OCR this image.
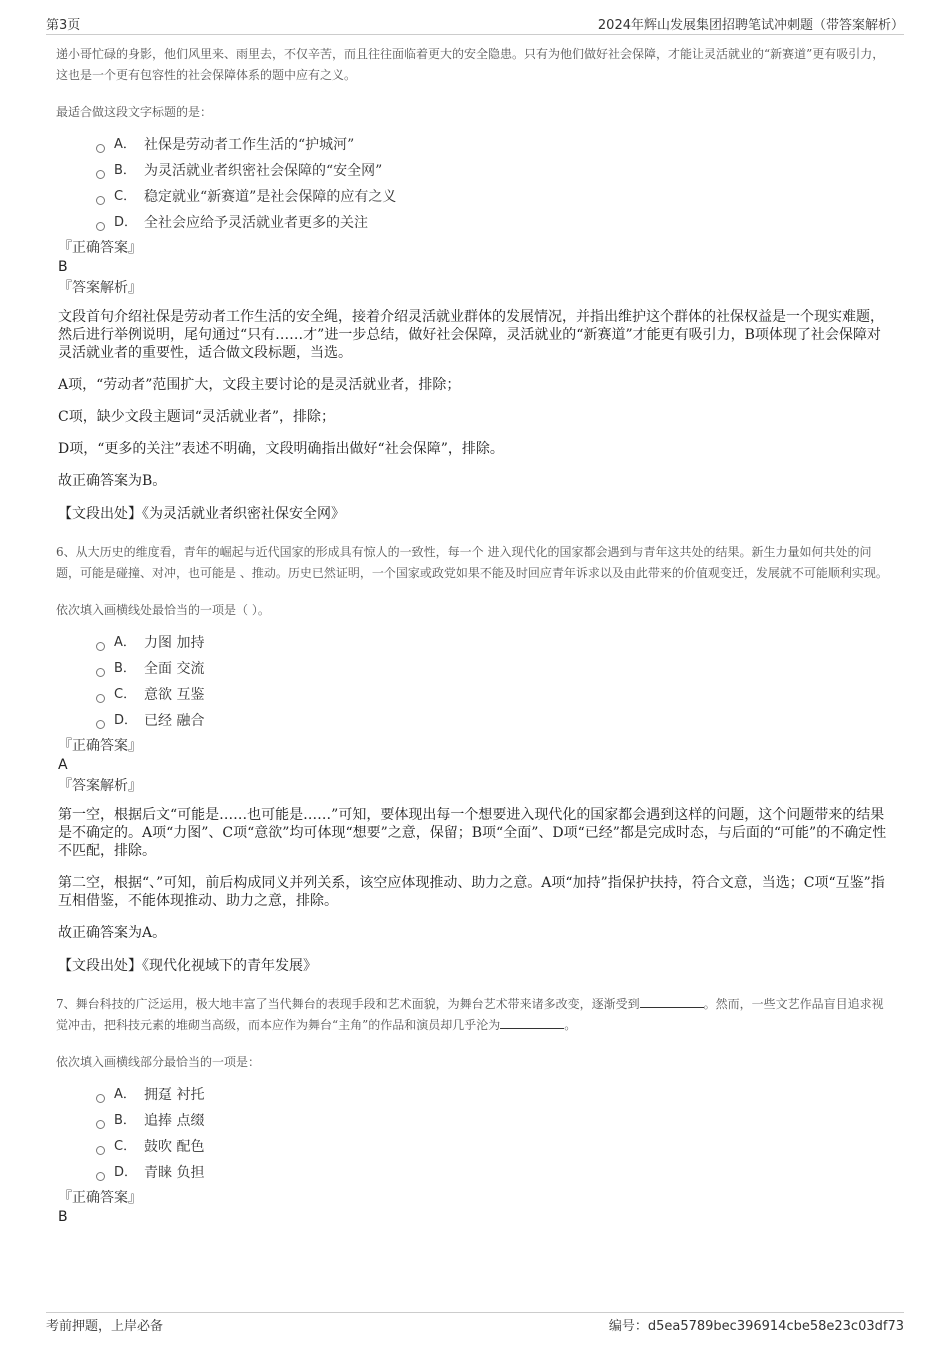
第3页	2024年辉山发展集团招聘笔试冲刺题（带答案解析）

递小哥忙碌的身影，他们风里来、雨里去，不仅辛苦，而且往往面临着更大的安全隐患。只有为他们做好社会保障，才能让灵活就业的“新赛道”更有吸引力，这也是一个更有包容性的社会保障体系的题中应有之义。

最适合做这段文字标题的是：

A． 社保是劳动者工作生活的“护城河”
B． 为灵活就业者织密社会保障的“安全网”
C． 稳定就业“新赛道”是社会保障的应有之义
D． 全社会应给予灵活就业者更多的关注
『正确答案』
B
『答案解析』

文段首句介绍社保是劳动者工作生活的安全绳，接着介绍灵活就业群体的发展情况，并指出维护这个群体的社保权益是一个现实难题，然后进行举例说明，尾句通过“只有……才”进一步总结，做好社会保障，灵活就业的“新赛道”才能更有吸引力，B项体现了社会保障对灵活就业者的重要性，适合做文段标题，当选。

A项，“劳动者”范围扩大，文段主要讨论的是灵活就业者，排除；

C项，缺少文段主题词“灵活就业者”，排除；

D项，“更多的关注”表述不明确，文段明确指出做好“社会保障”，排除。

故正确答案为B。

【文段出处】《为灵活就业者织密社保安全网》

6、从大历史的维度看，青年的崛起与近代国家的形成具有惊人的一致性，每一个 进入现代化的国家都会遇到与青年这共处的结果。新生力量如何共处的问题，可能是碰撞、对冲，也可能是 、推动。历史已然证明，一个国家或政党如果不能及时回应青年诉求以及由此带来的价值观变迁，发展就不可能顺利实现。

依次填入画横线处最恰当的一项是（ ）。

A． 力图 加持
B． 全面 交流
C． 意欲 互鉴
D． 已经 融合
『正确答案』
A
『答案解析』

第一空，根据后文“可能是……也可能是……”可知，要体现出每一个想要进入现代化的国家都会遇到这样的问题，这个问题带来的结果是不确定的。A项“力图”、C项“意欲”均可体现“想要”之意，保留；B项“全面”、D项“已经”都是完成时态，与后面的“可能”的不确定性不匹配，排除。

第二空，根据“、”可知，前后构成同义并列关系，该空应体现推动、助力之意。A项“加持”指保护扶持，符合文意，当选；C项“互鉴”指互相借鉴，不能体现推动、助力之意，排除。

故正确答案为A。

【文段出处】《现代化视域下的青年发展》

7、舞台科技的广泛运用，极大地丰富了当代舞台的表现手段和艺术面貌，为舞台艺术带来诸多改变，逐渐受到	。然而，一些文艺作品盲目追求视觉冲击，把科技元素的堆砌当高级，而本应作为舞台“主角”的作品和演员却几乎沦为	。

依次填入画横线部分最恰当的一项是：

A． 拥趸 衬托
B． 追捧 点缀
C． 鼓吹 配色
D． 青睐 负担
『正确答案』
B
考前押题，上岸必备	编号：d5ea5789bec396914cbe58e23c03df73
